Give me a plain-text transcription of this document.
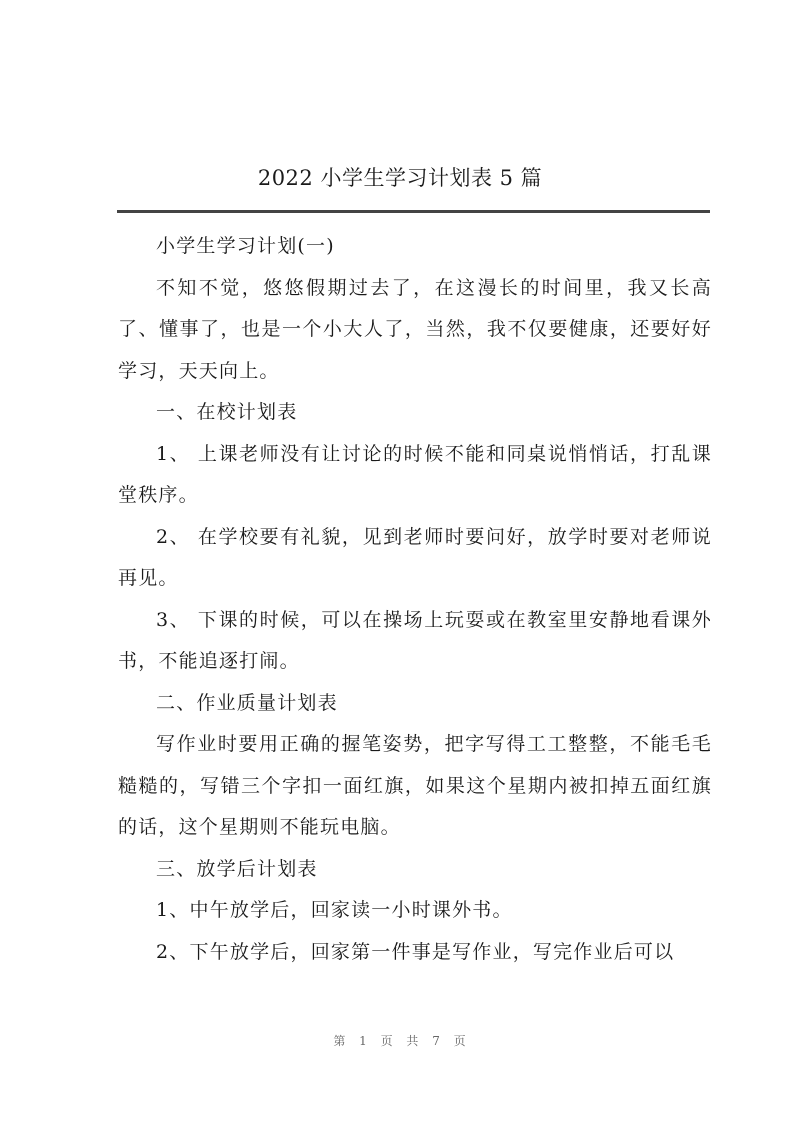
2022 小学生学习计划表 5 篇

小学生学习计划(一)

不知不觉，悠悠假期过去了，在这漫长的时间里，我又长高了、懂事了，也是一个小大人了，当然，我不仅要健康，还要好好学习，天天向上。

一、在校计划表

1、 上课老师没有让讨论的时候不能和同桌说悄悄话，打乱课堂秩序。

2、 在学校要有礼貌，见到老师时要问好，放学时要对老师说再见。

3、 下课的时候，可以在操场上玩耍或在教室里安静地看课外书，不能追逐打闹。

二、作业质量计划表

写作业时要用正确的握笔姿势，把字写得工工整整，不能毛毛糙糙的，写错三个字扣一面红旗，如果这个星期内被扣掉五面红旗的话，这个星期则不能玩电脑。

三、放学后计划表

1、中午放学后，回家读一小时课外书。

2、下午放学后，回家第一件事是写作业，写完作业后可以

第 1 页 共 7 页
